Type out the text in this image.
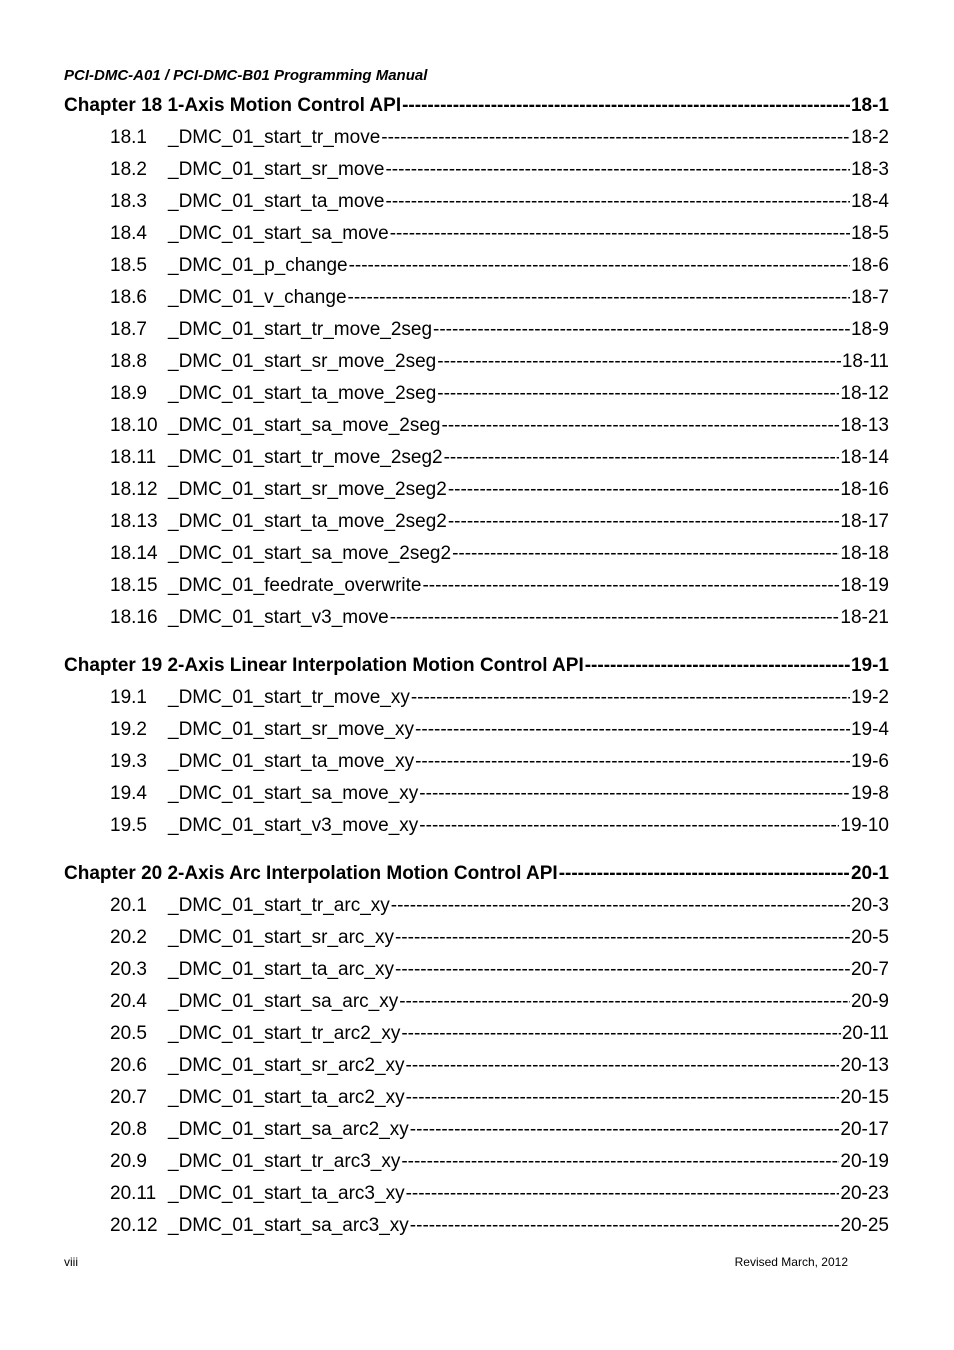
PCI-DMC-A01 / PCI-DMC-B01 Programming Manual
Chapter 18 1-Axis Motion Control API -----	18-1
18.1	_DMC_01_start_tr_move -----	18-2
18.2	_DMC_01_start_sr_move -----	18-3
18.3	_DMC_01_start_ta_move -----	18-4
18.4	_DMC_01_start_sa_move -----	18-5
18.5	_DMC_01_p_change -----	18-6
18.6	_DMC_01_v_change -----	18-7
18.7	_DMC_01_start_tr_move_2seg -----	18-9
18.8	_DMC_01_start_sr_move_2seg -----	18-11
18.9	_DMC_01_start_ta_move_2seg -----	18-12
18.10 _DMC_01_start_sa_move_2seg -----	18-13
18.11 _DMC_01_start_tr_move_2seg2 -----	18-14
18.12 _DMC_01_start_sr_move_2seg2 -----	18-16
18.13 _DMC_01_start_ta_move_2seg2 -----	18-17
18.14 _DMC_01_start_sa_move_2seg2 -----	18-18
18.15 _DMC_01_feedrate_overwrite -----	18-19
18.16 _DMC_01_start_v3_move -----	18-21
Chapter 19 2-Axis Linear Interpolation Motion Control API -----	19-1
19.1	_DMC_01_start_tr_move_xy -----	19-2
19.2	_DMC_01_start_sr_move_xy -----	19-4
19.3	_DMC_01_start_ta_move_xy -----	19-6
19.4	_DMC_01_start_sa_move_xy -----	19-8
19.5	_DMC_01_start_v3_move_xy -----	19-10
Chapter 20 2-Axis Arc Interpolation Motion Control API -----	20-1
20.1	_DMC_01_start_tr_arc_xy -----	20-3
20.2	_DMC_01_start_sr_arc_xy -----	20-5
20.3	_DMC_01_start_ta_arc_xy -----	20-7
20.4	_DMC_01_start_sa_arc_xy -----	20-9
20.5	_DMC_01_start_tr_arc2_xy -----	20-11
20.6	_DMC_01_start_sr_arc2_xy -----	20-13
20.7	_DMC_01_start_ta_arc2_xy -----	20-15
20.8	_DMC_01_start_sa_arc2_xy -----	20-17
20.9	_DMC_01_start_tr_arc3_xy -----	20-19
20.11 _DMC_01_start_ta_arc3_xy -----	20-23
20.12 _DMC_01_start_sa_arc3_xy -----	20-25
viii	Revised March, 2012
